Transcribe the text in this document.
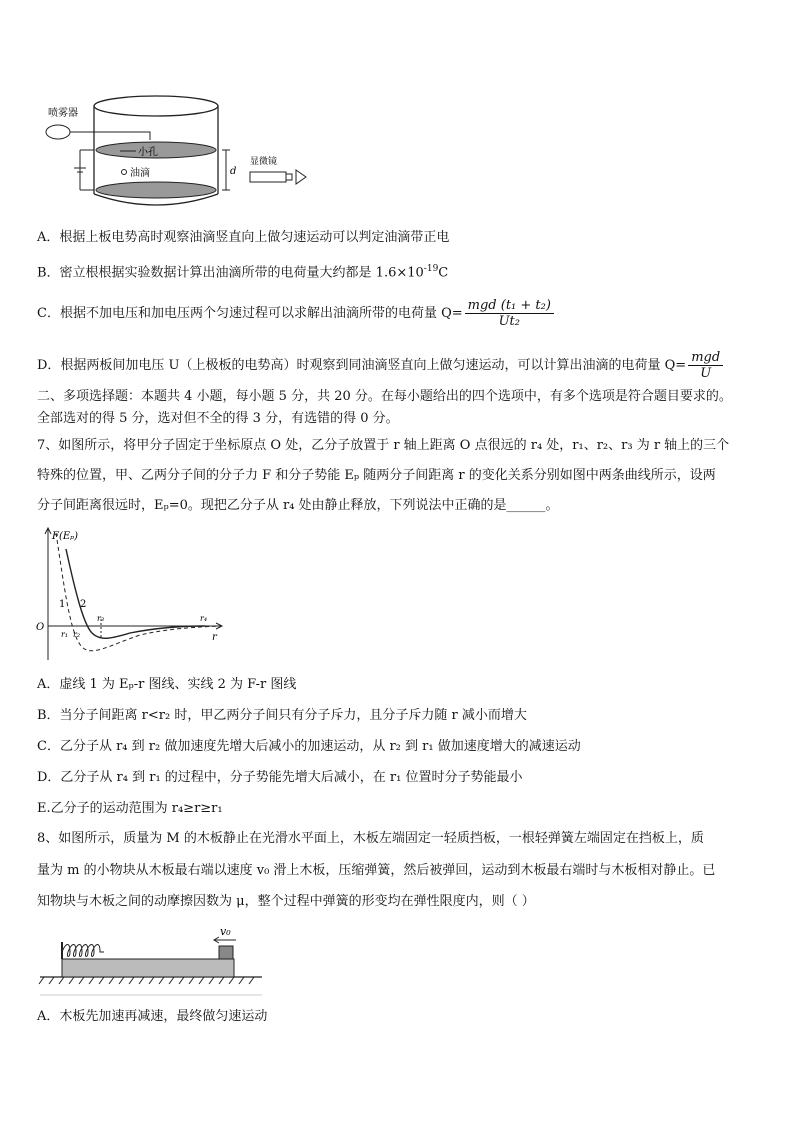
喷雾器
小孔
油滴	d
显微镜
A．根据上板电势高时观察油滴竖直向上做匀速运动可以判定油滴带正电
B．密立根根据实验数据计算出油滴所带的电荷量大约都是 $1.6\times 10^{-19}C$
C．根据不加电压和加电压两个匀速过程可以求解出油滴所带的电荷量 $Q= \frac{\text{mgd (t₁ + t₂)}}{\text{Ut₂}}$
D．根据两板间加电压 U（上极板的电势高）时观察到同油滴竖直向上做匀速运动，可以计算出油滴的电荷量 $Q= \frac{\text{mgd}}{U}$
二、多项选择题：本题共 4 小题，每小题 5 分，共 20 分。在每小题给出的四个选项中，有多个选项是符合题目要求的。
全部选对的得 5 分，选对但不全的得 3 分，有选错的得 0 分。
7、如图所示，将甲分子固定于坐标原点 O 处，乙分子放置于 r 轴上距离 O 点很远的 r₄ 处，r₁、r₂、r₃ 为 r 轴上的三个
特殊的位置，甲、乙两分子间的分子力 F 和分子势能 Eₚ 随两分子间距离 r 的变化关系分别如图中两条曲线所示，设两
分子间距离很远时，Eₚ=0。现把乙分子从 r₄ 处由静止释放，下列说法中正确的是______。
F(Eₚ)
O
r
1 2
r₁ r₂
r₃	r₄
A．虚线 1 为 Eₚ-r 图线、实线 2 为 F-r 图线
B．当分子间距离 r<r₂ 时，甲乙两分子间只有分子斥力，且分子斥力随 r 减小而增大
C．乙分子从 r₄ 到 r₂ 做加速度先增大后减小的加速运动，从 r₂ 到 r₁ 做加速度增大的减速运动
D．乙分子从 r₄ 到 r₁ 的过程中，分子势能先增大后减小，在 r₁ 位置时分子势能最小
E.乙分子的运动范围为 r₄≥r≥r₁
8、如图所示，质量为 M 的木板静止在光滑水平面上，木板左端固定一轻质挡板，一根轻弹簧左端固定在挡板上，质
量为 m 的小物块从木板最右端以速度 v₀ 滑上木板，压缩弹簧，然后被弹回，运动到木板最右端时与木板相对静止。已
知物块与木板之间的动摩擦因数为 μ，整个过程中弹簧的形变均在弹性限度内，则（ ）
v₀
A．木板先加速再减速，最终做匀速运动
